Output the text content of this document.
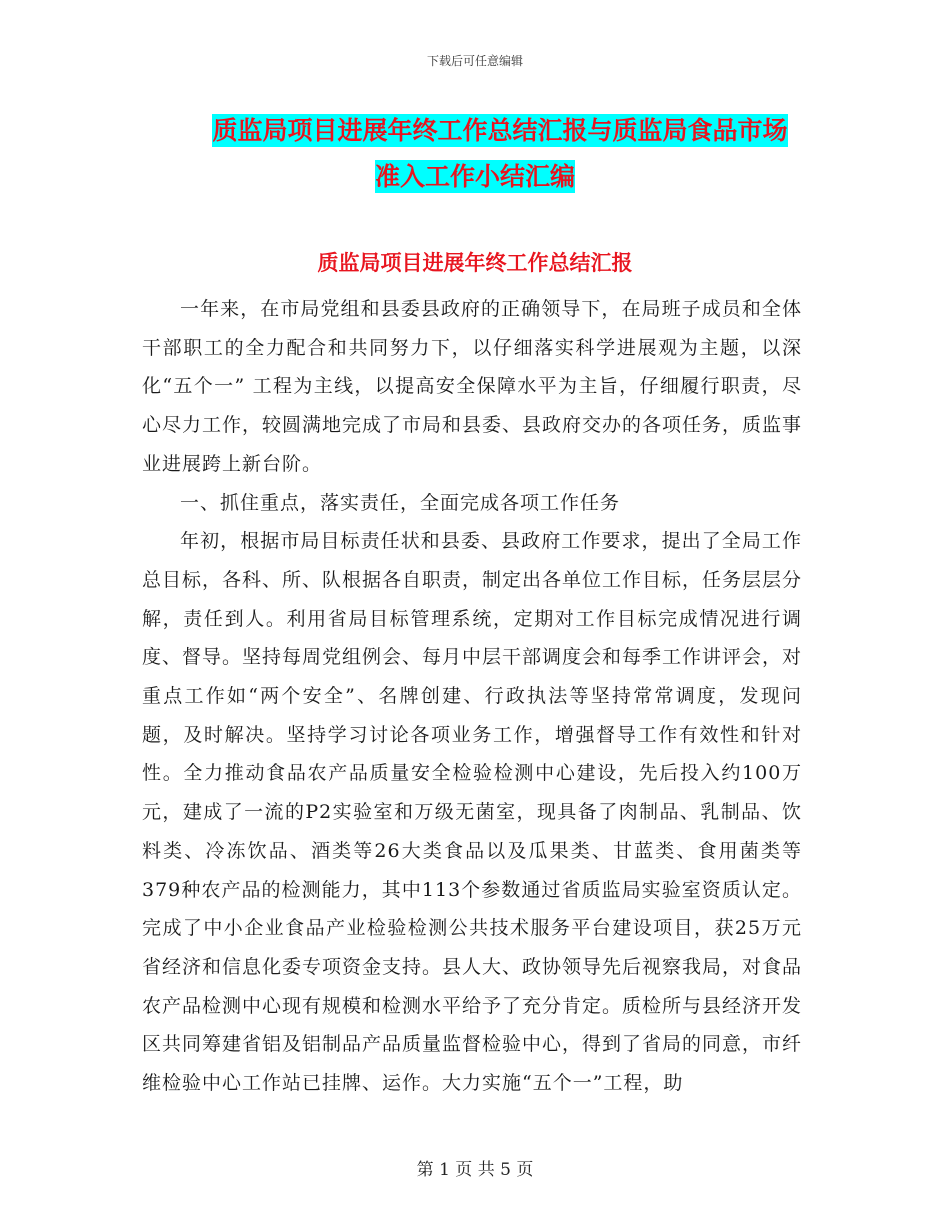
下载后可任意编辑
质监局项目进展年终工作总结汇报与质监局食品市场
准入工作小结汇编
质监局项目进展年终工作总结汇报

一年来，在市局党组和县委县政府的正确领导下，在局班子成员和全体干部职工的全力配合和共同努力下，以仔细落实科学进展观为主题，以深化“五个一” 工程为主线，以提高安全保障水平为主旨，仔细履行职责，尽心尽力工作，较圆满地完成了市局和县委、县政府交办的各项任务，质监事业进展跨上新台阶。

一、抓住重点，落实责任，全面完成各项工作任务

年初，根据市局目标责任状和县委、县政府工作要求，提出了全局工作总目标，各科、所、队根据各自职责，制定出各单位工作目标，任务层层分解，责任到人。利用省局目标管理系统，定期对工作目标完成情况进行调度、督导。坚持每周党组例会、每月中层干部调度会和每季工作讲评会，对重点工作如“两个安全”、名牌创建、行政执法等坚持常常调度，发现问题，及时解决。坚持学习讨论各项业务工作，增强督导工作有效性和针对性。全力推动食品农产品质量安全检验检测中心建设，先后投入约100万元，建成了一流的P2实验室和万级无菌室，现具备了肉制品、乳制品、饮料类、冷冻饮品、酒类等26大类食品以及瓜果类、甘蓝类、食用菌类等379种农产品的检测能力，其中113个参数通过省质监局实验室资质认定。完成了中小企业食品产业检验检测公共技术服务平台建设项目，获25万元省经济和信息化委专项资金支持。县人大、政协领导先后视察我局，对食品农产品检测中心现有规模和检测水平给予了充分肯定。质检所与县经济开发区共同筹建省铝及铝制品产品质量监督检验中心，得到了省局的同意，市纤维检验中心工作站已挂牌、运作。大力实施“五个一”工程，助

第 1 页 共 5 页
